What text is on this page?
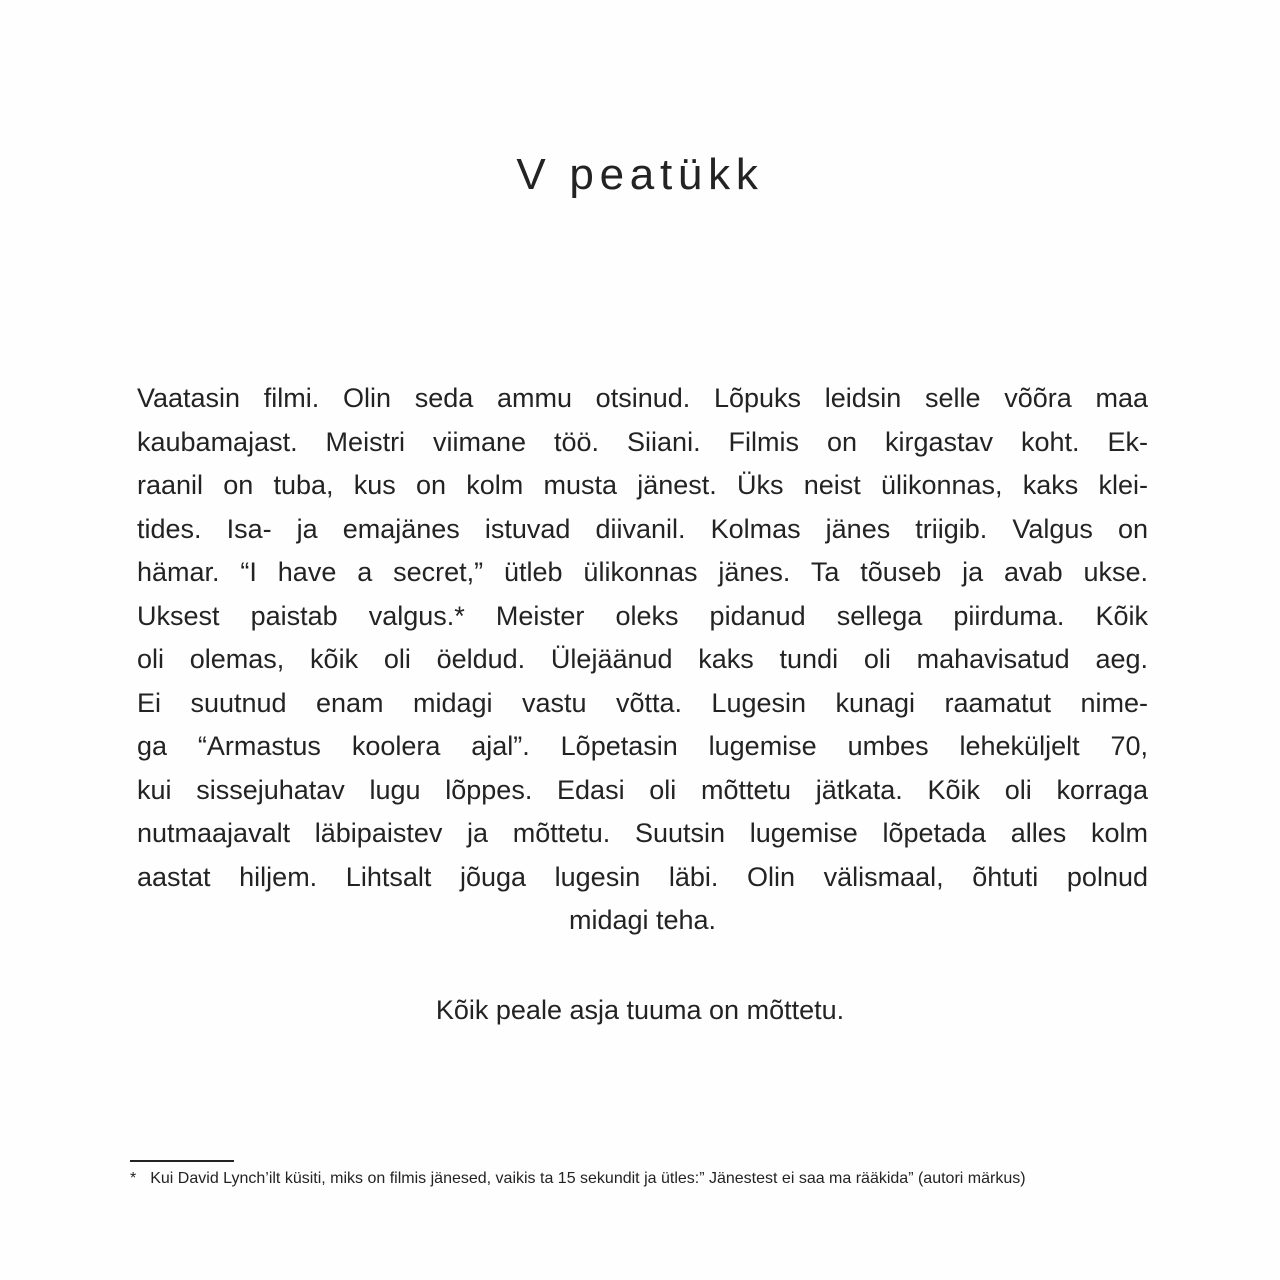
V peatükk
Vaatasin filmi. Olin seda ammu otsinud. Lõpuks leidsin selle võõra maa
kaubamajast. Meistri viimane töö. Siiani. Filmis on kirgastav koht. Ek-
raanil on tuba, kus on kolm musta jänest. Üks neist ülikonnas, kaks klei-
tides. Isa- ja emajänes istuvad diivanil. Kolmas jänes triigib. Valgus on
hämar. “I have a secret,” ütleb ülikonnas jänes. Ta tõuseb ja avab ukse.
Uksest paistab valgus.* Meister oleks pidanud sellega piirduma. Kõik
oli olemas, kõik oli öeldud. Ülejäänud kaks tundi oli mahavisatud aeg.
Ei suutnud enam midagi vastu võtta. Lugesin kunagi raamatut nime-
ga “Armastus koolera ajal”. Lõpetasin lugemise umbes leheküljelt 70,
kui sissejuhatav lugu lõppes. Edasi oli mõttetu jätkata. Kõik oli korraga
nutmaajavalt läbipaistev ja mõttetu. Suutsin lugemise lõpetada alles kolm
aastat hiljem. Lihtsalt jõuga lugesin läbi. Olin välismaal, õhtuti polnud
midagi teha.
Kõik peale asja tuuma on mõttetu.
* Kui David Lynch’ilt küsiti, miks on filmis jänesed, vaikis ta 15 sekundit ja ütles:” Jänestest ei saa ma rääkida” (autori märkus)
